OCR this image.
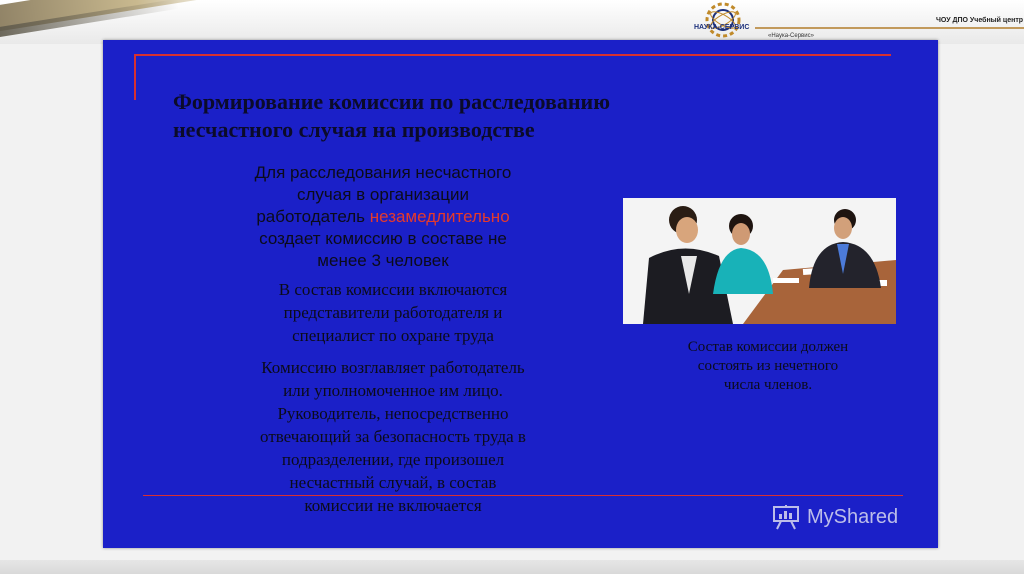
НАУКА-СЕРВИС
«Наука-Сервис»
ЧОУ ДПО Учебный центр
Формирование комиссии по расследованию
несчастного случая на производстве
Для расследования несчастного
случая в организации
работодатель незамедлительно
создает комиссию в составе не
менее 3 человек
В состав комиссии включаются
представители работодателя и
специалист по охране труда
Комиссию возглавляет работодатель
или уполномоченное им лицо.
Руководитель, непосредственно
отвечающий за безопасность труда в
подразделении, где произошел
несчастный случай, в состав
комиссии не включается
Состав комиссии должен
состоять из нечетного
числа членов.
MyShared
